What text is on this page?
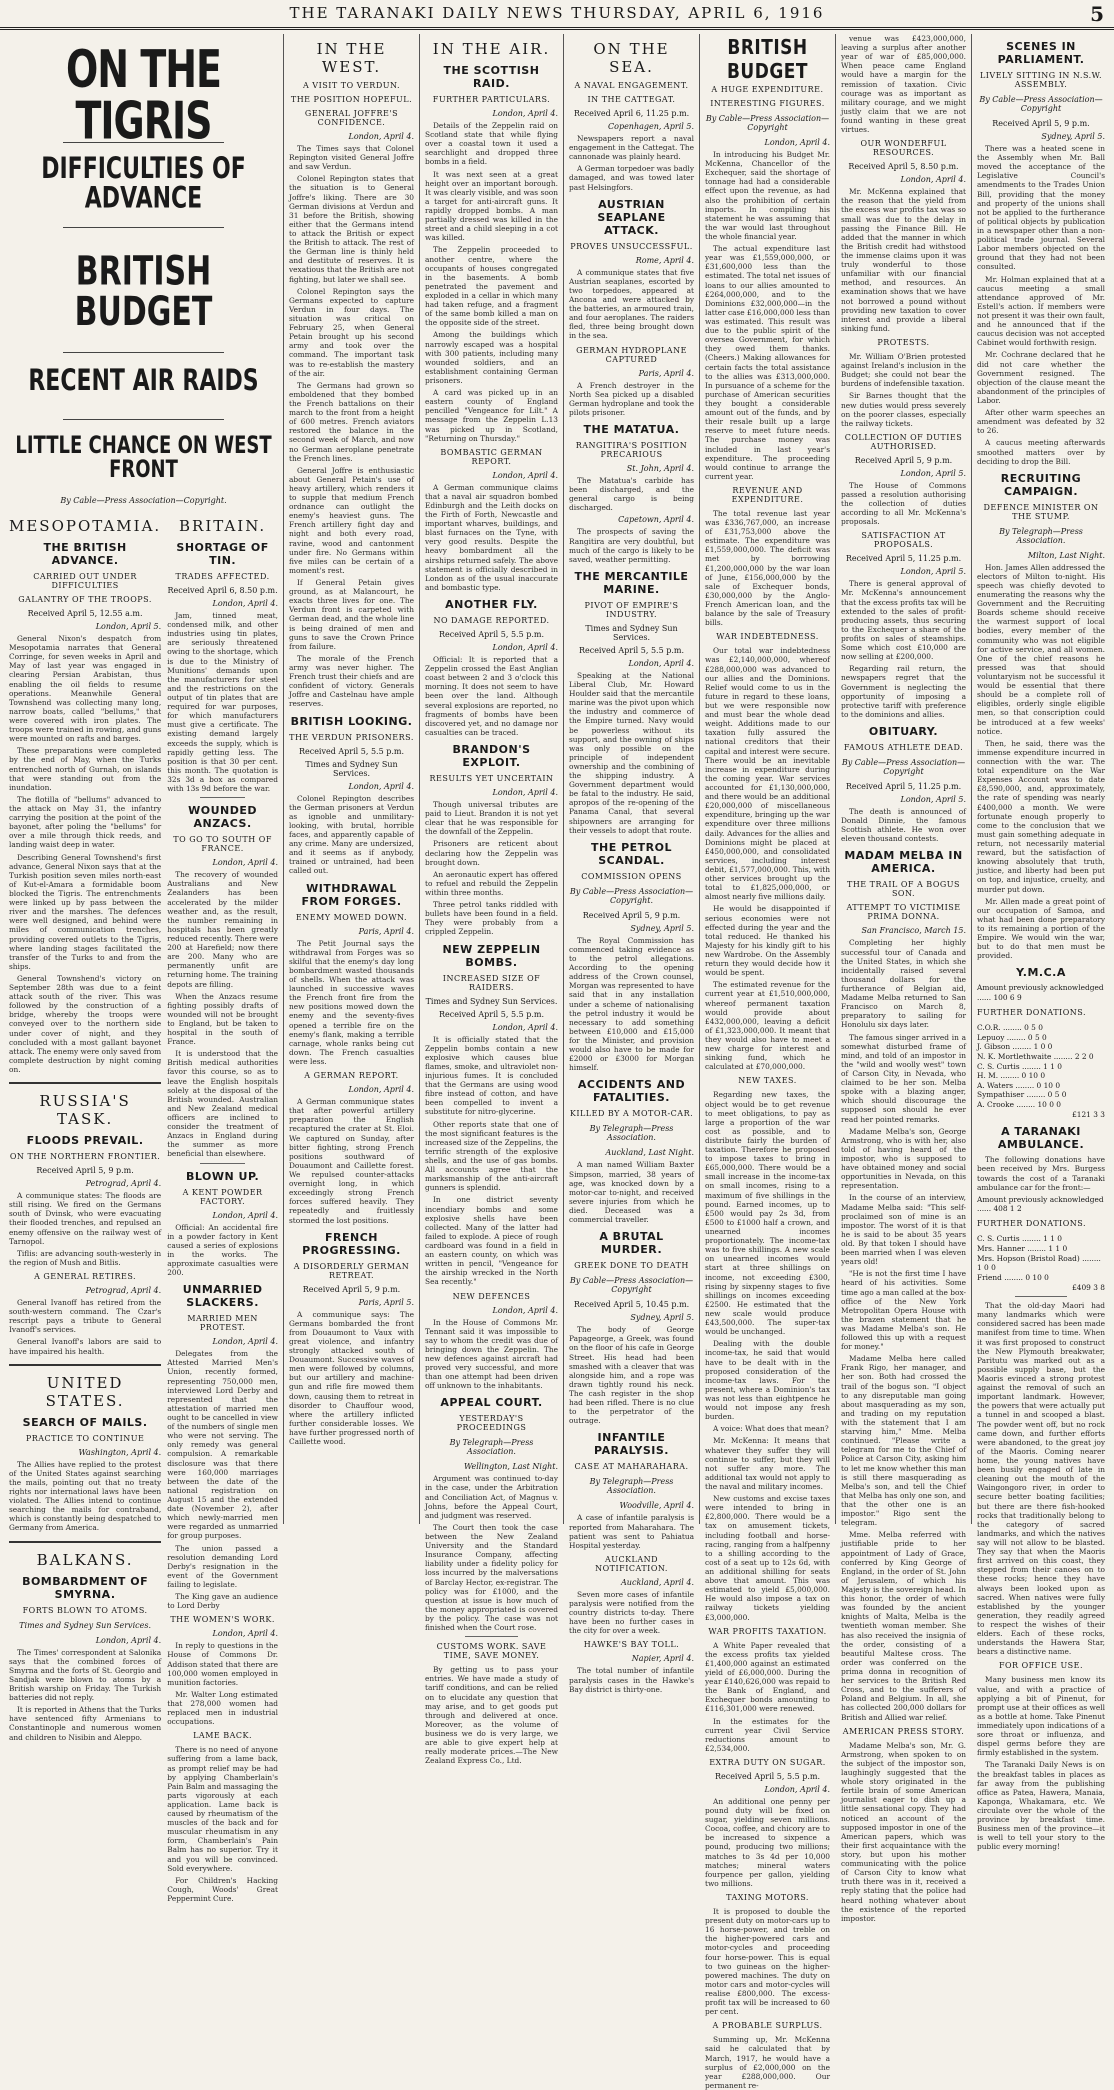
THE TARANAKI DAILY NEWS THURSDAY, APRIL 6, 1916	5
ON THE TIGRIS
DIFFICULTIES OF ADVANCE
BRITISH BUDGET
RECENT AIR RAIDS
LITTLE CHANCE ON WEST FRONT
By Cable—Press Association—Copyright.
MESOPOTAMIA.
THE BRITISH ADVANCE.
CARRIED OUT UNDER DIFFICULTIES
GALANTRY OF THE TROOPS.
Received April 5, 12.55 a.m.
London, April 5.

General Nixon's despatch from Mesopotamia narrates that General Corringe, for seven weeks in April and May of last year was engaged in clearing Persian Arabistan, thus enabling the oil fields to resume operations. Meanwhile General Townshend was collecting many long, narrow boats, called "bellums," that were covered with iron plates. The troops were trained in rowing, and guns were mounted on rafts and barges.

These preparations were completed by the end of May, when the Turks entrenched north of Gurnah, on islands that were standing out from the inundation.

The flotilla of "bellums" advanced to the attack on May 31, the infantry carrying the position at the point of the bayonet, after poling the "bellums" for over a mile through thick reeds, and landing waist deep in water.

Describing General Townshend's first advance, General Nixon says that at the Turkish position seven miles north-east of Kut-el-Amara a formidable boom blocked the Tigris. The entrenchments were linked up by pass between the river and the marshes. The defences were well designed, and behind were miles of communication trenches, providing covered outlets to the Tigris, where landing stages facilitated the transfer of the Turks to and from the ships.

General Townshend's victory on September 28th was due to a feint attack south of the river. This was followed by the construction of a bridge, whereby the troops were conveyed over to the northern side under cover of night, and they concluded with a most gallant bayonet attack. The enemy were only saved from complete destruction by night coming on.

RUSSIA'S TASK.
FLOODS PREVAIL.
ON THE NORTHERN FRONTIER.
Received April 5, 9 p.m.
Petrograd, April 4.

A communique states: The floods are still rising. We fired on the Germans south of Dvinsk, who were evacuating their flooded trenches, and repulsed an enemy offensive on the railway west of Tarnopol.

Tiflis: are advancing south-westerly in the region of Mush and Bitlis.

A GENERAL RETIRES.
Petrograd, April 4.

General Ivanoff has retired from the south-western command. The Czar's rescript pays a tribute to General Ivanoff's services.

General Ivanoff's labors are said to have impaired his health.

UNITED STATES.
SEARCH OF MAILS.
PRACTICE TO CONTINUE
Washington, April 4.

The Allies have replied to the protest of the United States against searching the mails, pointing out that no treaty rights nor international laws have been violated. The Allies intend to continue searching the mails for contraband, which is constantly being despatched to Germany from America.

BALKANS.
BOMBARDMENT OF SMYRNA.
FORTS BLOWN TO ATOMS.
Times and Sydney Sun Services.
London, April 4.

The Times' correspondent at Salonika says that the combined forces of Smyrna and the forts of St. Georgio and Sandjak were blown to atoms by a British warship on Friday. The Turkish batteries did not reply.

It is reported in Athens that the Turks have sentenced fifty Armenians to Constantinople and numerous women and children to Nisibin and Aleppo.

BRITAIN.
SHORTAGE OF TIN.
TRADES AFFECTED.
Received April 6, 8.50 p.m.
London, April 4.

Jam, tinned meat, condensed milk, and other industries using tin plates, are seriously threatened owing to the shortage, which is due to the Ministry of Munitions' demands upon the manufacturers for steel and the restrictions on the output of tin plates that are required for war purposes, for which manufacturers must give a certificate. The existing demand largely exceeds the supply, which is rapidly getting less. The position is that 30 per cent. this month. The quotation is 32s 3d a box as compared with 13s 9d before the war.

WOUNDED ANZACS.
TO GO TO SOUTH OF FRANCE.
London, April 4.

The recovery of wounded Australians and New Zealanders has been accelerated by the milder weather and, as the result, the number remaining in hospitals has been greatly reduced recently. There were 200 at Harefield; now there are 200. Many who are permanently unfit are returning home. The training depots are filling.

When the Anzacs resume fighting possibly drafts of wounded will not be brought to England, but be taken to hospital in the south of France.

It is understood that the British medical authorities favor this course, so as to leave the English hospitals solely at the disposal of the British wounded. Australian and New Zealand medical officers are inclined to consider the treatment of Anzacs in England during the summer as more beneficial than elsewhere.

BLOWN UP.
A KENT POWDER FACTORY.
London, April 4.

Official: An accidental fire in a powder factory in Kent caused a series of explosions in the works. The approximate casualties were 200.

UNMARRIED SLACKERS.
MARRIED MEN PROTEST.
London, April 4.

Delegates from the Attested Married Men's Union, recently formed, representing 750,000 men, interviewed Lord Derby and represented that the attestation of married men ought to be cancelled in view of the numbers of single men who were not serving. The only remedy was general compulsion. A remarkable disclosure was that there were 160,000 marriages between the date of the national registration on August 15 and the extended date (November 2), after which newly-married men were regarded as unmarried for group purposes.

The union passed a resolution demanding Lord Derby's resignation in the event of the Government failing to legislate.

The King gave an audience to Lord Derby

THE WOMEN'S WORK.
London, April 4.

In reply to questions in the House of Commons Dr. Addison stated that there are 100,000 women employed in munition factories.

Mr. Walter Long estimated that 278,000 women had replaced men in industrial occupations.

LAME BACK.

There is no need of anyone suffering from a lame back, as prompt relief may be had by applying Chamberlain's Pain Balm and massaging the parts vigorously at each application. Lame back is caused by rheumatism of the muscles of the back and for muscular rheumatism in any form, Chamberlain's Pain Balm has no superior. Try it and you will be convinced. Sold everywhere.

For Children's Hacking Cough, Woods' Great Peppermint Cure.

IN THE WEST.
A VISIT TO VERDUN.
THE POSITION HOPEFUL.
GENERAL JOFFRE'S CONFIDENCE.
London, April 4.

The Times says that Colonel Repington visited General Joffre and saw Verdun.

Colonel Repington states that the situation is to General Joffre's liking. There are 30 German divisions at Verdun and 31 before the British, showing either that the Germans intend to attack the British or expect the British to attack. The rest of the German line is thinly held and destitute of reserves. It is vexatious that the British are not fighting, but later we shall see.

Colonel Repington says the Germans expected to capture Verdun in four days. The situation was critical on February 25, when General Petain brought up his second army and took over the command. The important task was to re-establish the mastery of the air.

The Germans had grown so emboldened that they bombed the French battalions on their march to the front from a height of 600 metres. French aviators restored the balance in the second week of March, and now no German aeroplane penetrate the French lines.

General Joffre is enthusiastic about General Petain's use of heavy artillery, which renders it to supple that medium French ordnance can outlight the enemy's heaviest guns. The French artillery fight day and night and both every road, ravine, wood and cantonment under fire. No Germans within five miles can be certain of a moment's rest.

If General Petain gives ground, as at Malancourt, he exacts three lives for one. The Verdun front is carpeted with German dead, and the whole line is being drained of men and guns to save the Crown Prince from failure.

The morale of the French army was never higher. The French trust their chiefs and are confident of victory. Generals Joffre and Castelnau have ample reserves.

BRITISH LOOKING.
THE VERDUN PRISONERS.
Received April 5, 5.5 p.m.
Times and Sydney Sun Services.
London, April 4.

Colonel Repington describes the German prisoners at Verdun as ignoble and unmilitary-looking, with brutal, horrible faces, and apparently capable of any crime. Many are undersized, and it seems as if anybody, trained or untrained, had been called out.

WITHDRAWAL FROM FORGES.
ENEMY MOWED DOWN.
Paris, April 4.

The Petit Journal says the withdrawal from Forges was so skilful that the enemy's day long bombardment wasted thousands of shells. When the attack was launched in successive waves the French front fire from the new positions mowed down the enemy and the seventy-fives opened a terrible fire on the enemy's flank, making a terrible carnage, whole ranks being cut down. The French casualties were less.

A GERMAN REPORT.
London, April 4.

A German communique states that after powerful artillery preparation the English recaptured the crater at St. Eloi. We captured on Sunday, after bitter fighting, strong French positions southward of Douaumont and Caillette forest. We repulsed counter-attacks overnight long, in which exceedingly strong French forces suffered heavily. They repeatedly and fruitlessly stormed the lost positions.

FRENCH PROGRESSING.
A DISORDERLY GERMAN RETREAT.
Received April 5, 9 p.m.
Paris, April 5.

A communique says: The Germans bombarded the front from Douaumont to Vaux with great violence, and infantry strongly attacked south of Douaumont. Successive waves of men were followed by columns, but our artillery and machine-gun and rifle fire mowed them down, causing them to retreat in disorder to Chauffour wood, where the artillery inflicted further considerable losses. We have further progressed north of Caillette wood.

IN THE AIR.
THE SCOTTISH RAID.
FURTHER PARTICULARS.
London, April 4.

Details of the Zeppelin raid on Scotland state that while flying over a coastal town it used a searchlight and dropped three bombs in a field.

It was next seen at a great height over an important borough. It was clearly visible, and was soon a target for anti-aircraft guns. It rapidly dropped bombs. A man partially dressed was killed in the street and a child sleeping in a cot was killed.

The Zeppelin proceeded to another centre, where the occupants of houses congregated in the basements. A bomb penetrated the pavement and exploded in a cellar in which many had taken refuge, and a fragment of the same bomb killed a man on the opposite side of the street.

Among the buildings which narrowly escaped was a hospital with 300 patients, including many wounded soldiers, and an establishment containing German prisoners.

A card was picked up in an eastern county of England pencilled "Vengeance for Lilt." A message from the Zeppelin L.13 was picked up in Scotland, "Returning on Thursday."

BOMBASTIC GERMAN REPORT.
London, April 4.

A German communique claims that a naval air squadron bombed Edinburgh and the Leith docks on the Firth of Forth, Newcastle and important wharves, buildings, and blast furnaces on the Tyne, with very good results. Despite the heavy bombardment all the airships returned safely. The above statement is officially described in London as of the usual inaccurate and bombastic type.

ANOTHER FLY.
NO DAMAGE REPORTED.
Received April 5, 5.5 p.m.
London, April 4.

Official: It is reported that a Zeppelin crossed the East Anglian coast between 2 and 3 o'clock this morning. It does not seem to have been over the land. Although several explosions are reported, no fragments of bombs have been discovered yet, and no damage nor casualties can be traced.

BRANDON'S EXPLOIT.
RESULTS YET UNCERTAIN
London, April 4.

Though universal tributes are paid to Lieut. Brandon it is not yet clear that he was responsible for the downfall of the Zeppelin.

Prisoners are reticent about declaring how the Zeppelin was brought down.

An aeronautic expert has offered to refuel and rebuild the Zeppelin within three months.

Three petrol tanks riddled with bullets have been found in a field. They were probably from a crippled Zeppelin.

NEW ZEPPELIN BOMBS.
INCREASED SIZE OF RAIDERS.
Times and Sydney Sun Services.
Received April 5, 5.5 p.m.
London, April 4.

It is officially stated that the Zeppelin bombs contain a new explosive which causes blue flames, smoke, and ultraviolet non-injurious fumes. It is concluded that the Germans are using wood fibre instead of cotton, and have been compelled to invent a substitute for nitro-glycerine.

Other reports state that one of the most significant features is the increased size of the Zeppelins, the terrific strength of the explosive shells, and the use of gas bombs. All accounts agree that the marksmanship of the anti-aircraft gunners is splendid.

In one district seventy incendiary bombs and some explosive shells have been collected. Many of the latter had failed to explode. A piece of rough cardboard was found in a field in an eastern county, on which was written in pencil, "Vengeance for the airship wrecked in the North Sea recently."

NEW DEFENCES
London, April 4.

In the House of Commons Mr. Tennant said it was impossible to say to whom the credit was due of bringing down the Zeppelin. The new defences against aircraft had proved very successful, and more than one attempt had been driven off unknown to the inhabitants.

APPEAL COURT.
YESTERDAY'S PROCEEDINGS
By Telegraph—Press Association.
Wellington, Last Night.

Argument was continued to-day in the case, under the Arbitration and Conciliation Act, of Magnus v. Johns, before the Appeal Court, and judgment was reserved.

The Court then took the case between the New Zealand University and the Standard Insurance Company, affecting liability under a fidelity policy for loss incurred by the malversations of Barclay Hector, ex-registrar. The policy was for £1000, and the question at issue is how much of the money appropriated is covered by the policy. The case was not finished when the Court rose.

CUSTOMS WORK. SAVE TIME, SAVE MONEY.

By getting us to pass your entries. We have made a study of tariff conditions, and can be relied on to elucidate any question that may arise, and to get goods put through and delivered at once. Moreover, as the volume of business we do is very large, we are able to give expert help at really moderate prices.—The New Zealand Express Co., Ltd.

ON THE SEA.
A NAVAL ENGAGEMENT.
IN THE CATTEGAT.
Received April 6, 11.25 p.m.
Copenhagen, April 5.

Newspapers report a naval engagement in the Cattegat. The cannonade was plainly heard.

A German torpedoer was badly damaged, and was towed later past Helsingfors.

AUSTRIAN SEAPLANE ATTACK.
PROVES UNSUCCESSFUL.
Rome, April 4.

A communique states that five Austrian seaplanes, escorted by two torpedoes, appeared at Ancona and were attacked by the batteries, an armoured train, and four aeroplanes. The raiders fled, three being brought down in the sea.

GERMAN HYDROPLANE CAPTURED
Paris, April 4.

A French destroyer in the North Sea picked up a disabled German hydroplane and took the pilots prisoner.

THE MATATUA.
RANGITIRA'S POSITION PRECARIOUS
St. John, April 4.

The Matatua's carbide has been discharged, and the general cargo is being discharged.

Capetown, April 4.

The prospects of saving the Rangitira are very doubtful, but much of the cargo is likely to be saved, weather permitting.

THE MERCANTILE MARINE.
PIVOT OF EMPIRE'S INDUSTRY.
Times and Sydney Sun Services.
Received April 5, 5.5 p.m.
London, April 4.

Speaking at the National Liberal Club, Mr. Howard Houlder said that the mercantile marine was the pivot upon which the industry and commerce of the Empire turned. Navy would be powerless without its support, and the owning of ships was only possible on the principle of independent ownership and the combining of the shipping industry. A Government department would be fatal to the industry. He said, apropos of the re-opening of the Panama Canal, that several shipowners are arranging for their vessels to adopt that route.

THE PETROL SCANDAL.
COMMISSION OPENS
By Cable—Press Association—Copyright.
Received April 5, 9 p.m.
Sydney, April 5.

The Royal Commission has commenced taking evidence as to the petrol allegations. According to the opening address of the Crown counsel, Morgan was represented to have said that in any installation under a scheme of nationalising the petrol industry it would be necessary to add something between £10,000 and £15,000 for the Minister, and provision would also have to be made for £2000 or £3000 for Morgan himself.

ACCIDENTS AND FATALITIES.
KILLED BY A MOTOR-CAR.
By Telegraph—Press Association.
Auckland, Last Night.

A man named William Baxter Simpson, married, 38 years of age, was knocked down by a motor-car to-night, and received severe injuries from which he died. Deceased was a commercial traveller.

A BRUTAL MURDER.
GREEK DONE TO DEATH
By Cable—Press Association—Copyright
Received April 5, 10.45 p.m.
Sydney, April 5.

The body of George Papageorge, a Greek, was found on the floor of his cafe in George Street. His head had been smashed with a cleaver that was alongside him, and a rope was drawn tightly round his neck. The cash register in the shop had been rifled. There is no clue to the perpetrator of the outrage.

INFANTILE PARALYSIS.
CASE AT MAHARAHARA.
By Telegraph—Press Association.
Woodville, April 4.

A case of infantile paralysis is reported from Maharahara. The patient was sent to Pahiatua Hospital yesterday.

AUCKLAND NOTIFICATION.
Auckland, April 4.

Seven more cases of infantile paralysis were notified from the country districts to-day. There have been no further cases in the city for over a week.

HAWKE'S BAY TOLL.
Napier, April 4.

The total number of infantile paralysis cases in the Hawke's Bay district is thirty-one.

BRITISH BUDGET
A HUGE EXPENDITURE.
INTERESTING FIGURES.
By Cable—Press Association—Copyright
London, April 4.

In introducing his Budget Mr. McKenna, Chancellor of the Exchequer, said the shortage of tonnage had had a considerable effect upon the revenue, as had also the prohibition of certain imports. In compiling his statement he was assuming that the war would last throughout the whole financial year.

The actual expenditure last year was £1,559,000,000, or £31,600,000 less than the estimated. The total net issues of loans to our allies amounted to £264,000,000, and to the Dominions £32,000,000—in the latter case £16,000,000 less than was estimated. This result was due to the public spirit of the oversea Government, for which they owed them thanks. (Cheers.) Making allowances for certain facts the total assistance to the allies was £313,000,000. In pursuance of a scheme for the purchase of American securities they bought a considerable amount out of the funds, and by their resale built up a large reserve to meet future needs. The purchase money was included in last year's expenditure. The proceeding would continue to arrange the current year.

REVENUE AND EXPENDITURE.

The total revenue last year was £336,767,000, an increase of £31,753,000 above the estimate. The expenditure was £1,559,000,000. The deficit was met by borrowing £1,200,000,000 by the war loan of June, £156,000,000 by the sale of Exchequer bonds, £30,000,000 by the Anglo-French American loan, and the balance by the sale of Treasury bills.

WAR INDEBTEDNESS.

Our total war indebtedness was £2,140,000,000, whereof £288,000,000 was advanced to our allies and the Dominions. Relief would come to us in the future in regard to these loans, but we were responsible now and must bear the whole dead weight. Additions made to our taxation fully assured the national creditors that their capital and interest were secure. There would be an inevitable increase in expenditure during the coming year. War services accounted for £1,130,000,000, and there would be an additional £20,000,000 of miscellaneous expenditure, bringing up the war expenditure over three millions daily. Advances for the allies and Dominions might be placed at £450,000,000, and consolidated services, including interest debit, £1,577,000,000. This, with other services brought up the total to £1,825,000,000, or almost nearly five millions daily.

He would be disappointed if serious economies were not effected during the year and the total reduced. He thanked his Majesty for his kindly gift to his new Wardrobe. On the Assembly return they would decide how it would be spent.

The estimated revenue for the current year at £1,510,000,000, whereof permanent taxation would provide about £432,000,000, leaving a deficit of £1,323,000,000. It meant that they would also have to meet a new charge for interest and sinking fund, which he calculated at £70,000,000.

NEW TAXES.

Regarding new taxes, the object would be to get revenue to meet obligations, to pay as large a proportion of the war cost as possible, and to distribute fairly the burden of taxation. Therefore he proposed to impose taxes to bring in £65,000,000. There would be a small increase in the income-tax on small incomes, rising to a maximum of five shillings in the pound. Earned incomes, up to £500 would pay 2s 3d, from £500 to £1000 half a crown, and unearned incomes proportionately. The income-tax was to five shillings. A new scale on unearned incomes would start at three shillings on income, not exceeding £300, rising by sixpenny stages to five shillings on incomes exceeding £2500. He estimated that the new scale would produce £43,500,000. The super-tax would be unchanged.

Dealing with the double income-tax, he said that would have to be dealt with in the proposed consideration of the income-tax laws. For the present, where a Dominion's tax was not less than eightpence he would not impose any fresh burden.

A voice: What does that mean?

Mr. McKenna: It means that whatever they suffer they will continue to suffer, but they will not suffer any more. The additional tax would not apply to the naval and military incomes.

New customs and excise taxes were intended to bring in £2,800,000. There would be a tax on amusement tickets, including football and horse-racing, ranging from a halfpenny to a shilling according to the cost of a seat up to 12s 6d, with an additional shilling for seats above that amount. This was estimated to yield £5,000,000. He would also impose a tax on railway tickets yielding £3,000,000.

WAR PROFITS TAXATION.

A White Paper revealed that the excess profits tax yielded £1,400,000 against an estimated yield of £6,000,000. During the year £140,626,000 was repaid to the Bank of England, and Exchequer bonds amounting to £116,301,000 were renewed.

In the estimates for the current year Civil Service reductions amount to £2,534,000.

EXTRA DUTY ON SUGAR.
Received April 5, 5.5 p.m.
London, April 4.

An additional one penny per pound duty will be fixed on sugar, yielding seven millions. Cocoa, coffee, and chicory are to be increased to sixpence a pound, producing two millions; matches to 3s 4d per 10,000 matches; mineral waters fourpence per gallon, yielding two millions.

TAXING MOTORS.

It is proposed to double the present duty on motor-cars up to 16 horse-power, and treble on the higher-powered cars and motor-cycles and proceeding four horse-power. This is equal to two guineas on the higher-powered machines. The duty on motor cars and motor-cycles will realise £800,000. The excess-profit tax will be increased to 60 per cent.

A PROBABLE SURPLUS.

Summing up, Mr. McKenna said he calculated that by March, 1917, he would have a surplus of £2,000,000 on the year £288,000,000. Our permanent re-

venue was £423,000,000, leaving a surplus after another year of war of £85,000,000. When peace came England would have a margin for the remission of taxation. Civic courage was as important as military courage, and we might justly claim that we are not found wanting in these great virtues.

OUR WONDERFUL RESOURCES.
Received April 5, 8.50 p.m.
London, April 4.

Mr. McKenna explained that the reason that the yield from the excess war profits tax was so small was due to the delay in passing the Finance Bill. He added that the manner in which the British credit had withstood the immense claims upon it was truly wonderful to those unfamiliar with our financial method, and resources. An examination shows that we have not borrowed a pound without providing new taxation to cover interest and provide a liberal sinking fund.

PROTESTS.

Mr. William O'Brien protested against Ireland's inclusion in the Budget; she could not bear the burdens of indefensible taxation.

Sir Barnes thought that the new duties would press severely on the poorer classes, especially the railway tickets.

COLLECTION OF DUTIES AUTHORISED.
Received April 5, 9 p.m.
London, April 5.

The House of Commons passed a resolution authorising the collection of duties according to all Mr. McKenna's proposals.

SATISFACTION AT PROPOSALS.
Received April 5, 11.25 p.m.
London, April 5.

There is general approval of Mr. McKenna's announcement that the excess profits tax will be extended to the sales of profit-producing assets, thus securing to the Exchequer a share of the profits on sales of steamships. Some which cost £10,000 are now selling at £200,000.

Regarding rail return, the newspapers regret that the Government is neglecting the opportunity of imposing a protective tariff with preference to the dominions and allies.

OBITUARY.
FAMOUS ATHLETE DEAD.
By Cable—Press Association—Copyright
Received April 5, 11.25 p.m.
London, April 5.

The death is announced of Donald Dinnie, the famous Scottish athlete. He won over eleven thousand contests.

MADAM MELBA IN AMERICA.
THE TRAIL OF A BOGUS SON.
ATTEMPT TO VICTIMISE PRIMA DONNA.
San Francisco, March 15.

Completing her highly successful tour of Canada and the United States, in which she incidentally raised several thousand dollars for the furtherance of Belgian aid, Madame Melba returned to San Francisco on March 8, preparatory to sailing for Honolulu six days later.

The famous singer arrived in a somewhat disturbed frame of mind, and told of an impostor in the "wild and woolly west" town of Carson City, in Nevada, who claimed to be her son. Melba spoke with a blazing anger, which should discourage the supposed son should he ever read her pointed remarks.

Madame Melba's son, George Armstrong, who is with her, also told of having heard of the impostor, who is supposed to have obtained money and social opportunities in Nevada, on this representation.

In the course of an interview, Madame Melba said: "This self-proclaimed son of mine is an impostor. The worst of it is that he is said to be about 35 years old. By that token I should have been married when I was eleven years old!

"He is not the first time I have heard of his activities. Some time ago a man called at the box-office of the New York Metropolitan Opera House with the brazen statement that he was Madame Melba's son. He followed this up with a request for money."

Madame Melba here called Frank Rigo, her manager, and her son. Both had crossed the trail of the bogus son. "I object to any disreputable man going about masquerading as my son, and trading on my reputation with the statement that I am starving him," Mme. Melba continued. "Please write a telegram for me to the Chief of Police at Carson City, asking him to let me know whether this man is still there masquerading as Melba's son, and tell the Chief that Melba has only one son, and that the other one is an impostor." Rigo sent the telegram.

Mme. Melba referred with justifiable pride to her appointment of Lady of Grace, conferred by King George of England, in the order of St. John of Jerusalem, of which his Majesty is the sovereign head. In this honor, the order of which was founded by the ancient knights of Malta, Melba is the twentieth woman member. She has also received the insignia of the order, consisting of a beautiful Maltese cross. The order was conferred on the prima donna in recognition of her services to the British Red Cross, and to the sufferers of Poland and Belgium. In all, she has collected 200,000 dollars for British and Allied war relief.

AMERICAN PRESS STORY.

Madame Melba's son, Mr. G. Armstrong, when spoken to on the subject of the impostor son, laughingly suggested that the whole story originated in the fertile brain of some American journalist eager to dish up a little sensational copy. They had noticed an account of the supposed impostor in one of the American papers, which was their first acquaintance with the story, but upon his mother communicating with the police of Carson City to know what truth there was in it, received a reply stating that the police had heard nothing whatever about the existence of the reported impostor.

SCENES IN PARLIAMENT.
LIVELY SITTING IN N.S.W. ASSEMBLY.
By Cable—Press Association—Copyright
Received April 5, 9 p.m.
Sydney, April 5.

There was a heated scene in the Assembly when Mr. Ball moved the acceptance of the Legislative Council's amendments to the Trades Union Bill, providing that the money and property of the unions shall not be applied to the furtherance of political objects by publication in a newspaper other than a non-political trade journal. Several Labor members objected on the ground that they had not been consulted.

Mr. Holman explained that at a caucus meeting a small attendance approved of Mr. Estell's action. If members were not present it was their own fault, and he announced that if the caucus decision was not accepted Cabinet would forthwith resign.

Mr. Cochrane declared that he did not care whether the Government resigned. The objection of the clause meant the abandonment of the principles of Labor.

After other warm speeches an amendment was defeated by 32 to 26.

A caucus meeting afterwards smoothed matters over by deciding to drop the Bill.

RECRUITING CAMPAIGN.
DEFENCE MINISTER ON THE STUMP.
By Telegraph—Press Association.
Milton, Last Night.

Hon. James Allen addressed the electors of Milton to-night. His speech was chiefly devoted to enumerating the reasons why the Government and the Recruiting Boards scheme should receive the warmest support of local bodies, every member of the community who was not eligible for active service, and all women. One of the chief reasons he pressed was that should voluntaryism not be successful it would be essential that there should be a complete roll of eligibles, orderly single eligible men, so that conscription could be introduced at a few weeks' notice.

Then, he said, there was the immense expenditure incurred in connection with the war. The total expenditure on the War Expenses Account was to date £8,590,000, and, approximately, the rate of spending was nearly £400,000 a month. We were fortunate enough properly to come to the conclusion that we must gain something adequate in return, not necessarily material reward, but the satisfaction of knowing absolutely that truth, justice, and liberty had been put on top, and injustice, cruelty, and murder put down.

Mr. Allen made a great point of our occupation of Samoa, and what had been done preparatory to its remaining a portion of the Empire. We would win the war, but to do that men must be provided.

Y.M.C.A
Amount previously acknowledged ...... 100 6 9
FURTHER DONATIONS.
C.O.R. ........ 0 5 0
Lepuoy ........ 0 5 0
J. Gibson ........ 1 0 0
N. K. Mortlethwaite ........ 2 2 0
C. S. Curtis ........ 1 1 0
H. M. ........ 0 10 0
A. Waters ........ 0 10 0
Sympathiser ........ 0 5 0
A. Crooke ........ 10 0 0
£121 3 3
A TARANAKI AMBULANCE.

The following donations have been received by Mrs. Burgess towards the cost of a Taranaki ambulance car for the front:—

Amount previously acknowledged ...... 408 1 2
FURTHER DONATIONS.
C. S. Curtis ........ 1 1 0
Mrs. Hanner ........ 1 1 0
Mrs. Hopson (Bristol Road) ........ 1 0 0
Friend ........ 0 10 0
£409 3 8

That the old-day Maori had many landmarks which were considered sacred has been made manifest from time to time. When it was first proposed to construct the New Plymouth breakwater, Paritutu was marked out as a possible supply base, but the Maoris evinced a strong protest against the removal of such an important landmark. However, the powers that were actually put a tunnel in and scooped a blast. The powder went off, but no rock came down, and further efforts were abandoned, to the great joy of the Maoris. Coming nearer home, the young natives have been busily engaged of late in cleaning out the mouth of the Waingongoro river, in order to secure better boating facilities; but there are there fish-hooked rocks that traditionally belong to the category of sacred landmarks, and which the natives say will not allow to be blasted. They say that when the Maoris first arrived on this coast, they stepped from their canoes on to these rocks; hence they have always been looked upon as sacred. When natives were fully established by the younger generation, they readily agreed to respect the wishes of their elders. Each of these rocks, understands the Hawera Star, bears a distinctive name.

FOR OFFICE USE.

Many business men know its value, and with a practice of applying a bit of Pinenut, for prompt use at their offices as well as a bottle at home. Take Pinenut immediately upon indications of a sore throat or influenza, and dispel germs before they are firmly established in the system.

The Taranaki Daily News is on the breakfast tables in places as far away from the publishing office as Patea, Hawera, Manaia, Kaponga, Whakamara, etc. We circulate over the whole of the province by breakfast time. Business men of the province—it is well to tell your story to the public every morning!
